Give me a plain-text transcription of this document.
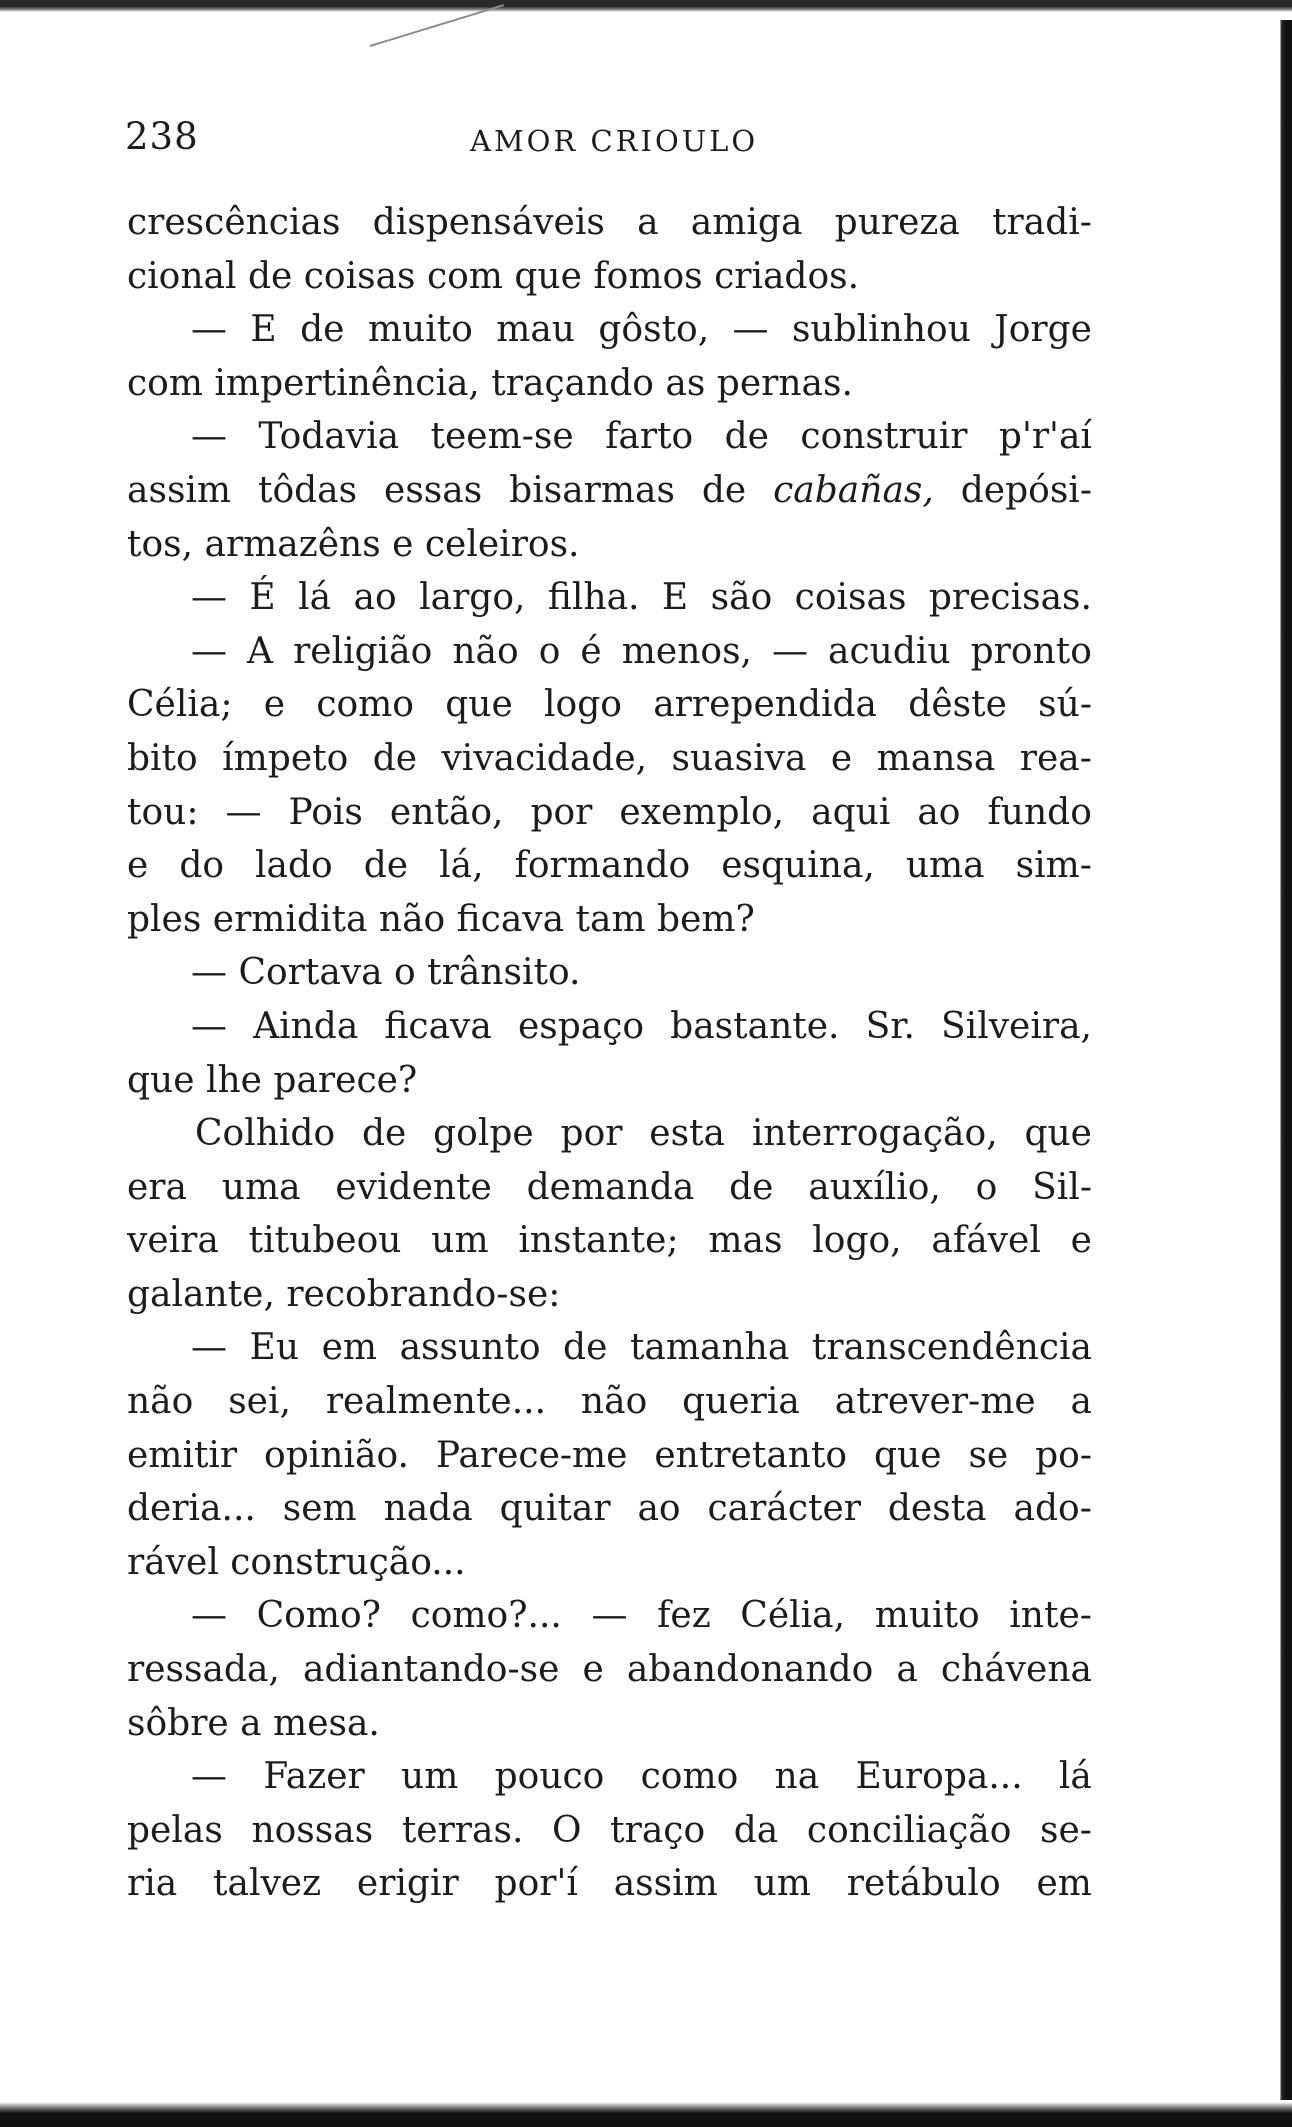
238	AMOR CRIOULO
crescências dispensáveis a amiga pureza tradi-
cional de coisas com que fomos criados.
— E de muito mau gôsto, — sublinhou Jorge
com impertinência, traçando as pernas.
— Todavia teem-se farto de construir p'r'aí
assim tôdas essas bisarmas de cabañas, depósi-
tos, armazêns e celeiros.
— É lá ao largo, filha. E são coisas precisas.
— A religião não o é menos, — acudiu pronto
Célia; e como que logo arrependida dêste sú-
bito ímpeto de vivacidade, suasiva e mansa rea-
tou: — Pois então, por exemplo, aqui ao fundo
e do lado de lá, formando esquina, uma sim-
ples ermidita não ficava tam bem?
— Cortava o trânsito.
— Ainda ficava espaço bastante. Sr. Silveira,
que lhe parece?
Colhido de golpe por esta interrogação, que
era uma evidente demanda de auxílio, o Sil-
veira titubeou um instante; mas logo, afável e
galante, recobrando-se:
— Eu em assunto de tamanha transcendência
não sei, realmente... não queria atrever-me a
emitir opinião. Parece-me entretanto que se po-
deria... sem nada quitar ao carácter desta ado-
rável construção...
— Como? como?... — fez Célia, muito inte-
ressada, adiantando-se e abandonando a chávena
sôbre a mesa.
— Fazer um pouco como na Europa... lá
pelas nossas terras. O traço da conciliação se-
ria talvez erigir por'í assim um retábulo em
